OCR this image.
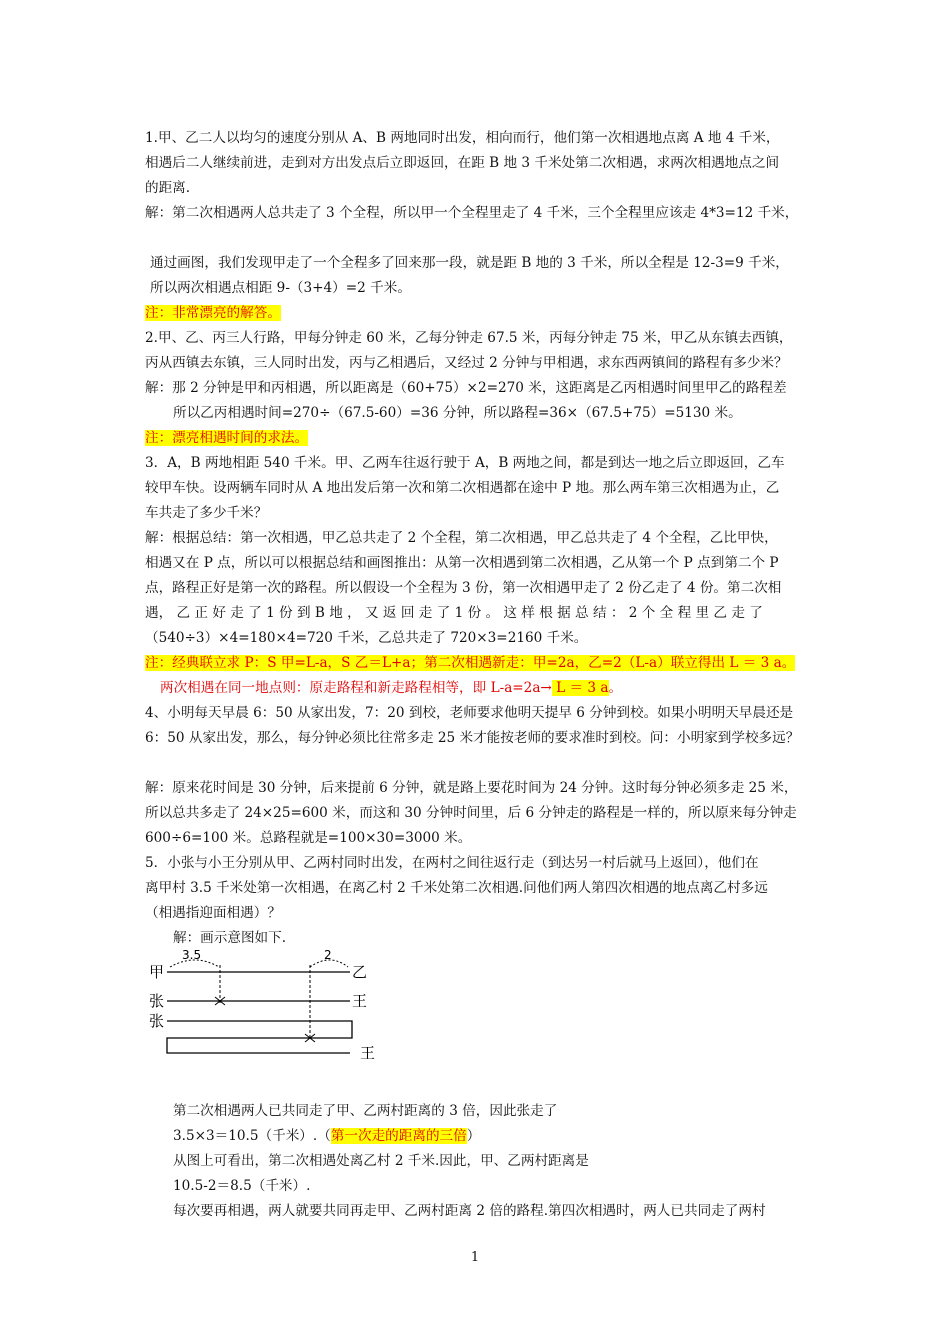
1.甲、乙二人以均匀的速度分别从 A、B 两地同时出发，相向而行，他们第一次相遇地点离 A 地 4 千米，
相遇后二人继续前进，走到对方出发点后立即返回，在距 B 地 3 千米处第二次相遇，求两次相遇地点之间
的距离.
解：第二次相遇两人总共走了 3 个全程，所以甲一个全程里走了 4 千米，三个全程里应该走 4*3=12 千米，
通过画图，我们发现甲走了一个全程多了回来那一段，就是距 B 地的 3 千米，所以全程是 12-3=9 千米，
所以两次相遇点相距 9-（3+4）=2 千米。
注：非常漂亮的解答。
2.甲、乙、丙三人行路，甲每分钟走 60 米，乙每分钟走 67.5 米，丙每分钟走 75 米，甲乙从东镇去西镇，
丙从西镇去东镇，三人同时出发，丙与乙相遇后，又经过 2 分钟与甲相遇，求东西两镇间的路程有多少米？
解：那 2 分钟是甲和丙相遇，所以距离是（60+75）×2=270 米，这距离是乙丙相遇时间里甲乙的路程差
所以乙丙相遇时间=270÷（67.5-60）=36 分钟，所以路程=36×（67.5+75）=5130 米。
注：漂亮相遇时间的求法。
3．A，B 两地相距 540 千米。甲、乙两车往返行驶于 A，B 两地之间，都是到达一地之后立即返回，乙车
较甲车快。设两辆车同时从 A 地出发后第一次和第二次相遇都在途中 P 地。那么两车第三次相遇为止，乙
车共走了多少千米？
解：根据总结：第一次相遇，甲乙总共走了 2 个全程，第二次相遇，甲乙总共走了 4 个全程，乙比甲快，
相遇又在 P 点，所以可以根据总结和画图推出：从第一次相遇到第二次相遇，乙从第一个 P 点到第二个 P
点，路程正好是第一次的路程。所以假设一个全程为 3 份，第一次相遇甲走了 2 份乙走了 4 份。第二次相
遇， 乙 正 好 走 了 1 份 到 B 地 ， 又 返 回 走 了 1 份 。 这 样 根 据 总 结 ： 2 个 全 程 里 乙 走 了
（540÷3）×4=180×4=720 千米，乙总共走了 720×3=2160 千米。
注：经典联立求 P：S 甲=L-a，S 乙＝L+a；第二次相遇新走：甲=2a，乙=2（L-a）联立得出 L ＝ 3 a。
两次相遇在同一地点则：原走路程和新走路程相等，即 L-a=2a→ L ＝ 3 a。
4、小明每天早晨 6：50 从家出发，7：20 到校，老师要求他明天提早 6 分钟到校。如果小明明天早晨还是
6：50 从家出发，那么，每分钟必须比往常多走 25 米才能按老师的要求准时到校。问：小明家到学校多远？
解：原来花时间是 30 分钟，后来提前 6 分钟，就是路上要花时间为 24 分钟。这时每分钟必须多走 25 米，
所以总共多走了 24×25=600 米，而这和 30 分钟时间里，后 6 分钟走的路程是一样的，所以原来每分钟走
600÷6=100 米。总路程就是=100×30=3000 米。
5．小张与小王分别从甲、乙两村同时出发，在两村之间往返行走（到达另一村后就马上返回），他们在
离甲村 3.5 千米处第一次相遇，在离乙村 2 千米处第二次相遇.问他们两人第四次相遇的地点离乙村多远
（相遇指迎面相遇）？
解：画示意图如下.
甲	乙
3.5	2
张	王
张
王
第二次相遇两人已共同走了甲、乙两村距离的 3 倍，因此张走了
3.5×3＝10.5（千米）.（第一次走的距离的三倍）
从图上可看出，第二次相遇处离乙村 2 千米.因此，甲、乙两村距离是
10.5-2＝8.5（千米）.
每次要再相遇，两人就要共同再走甲、乙两村距离 2 倍的路程.第四次相遇时，两人已共同走了两村
1
